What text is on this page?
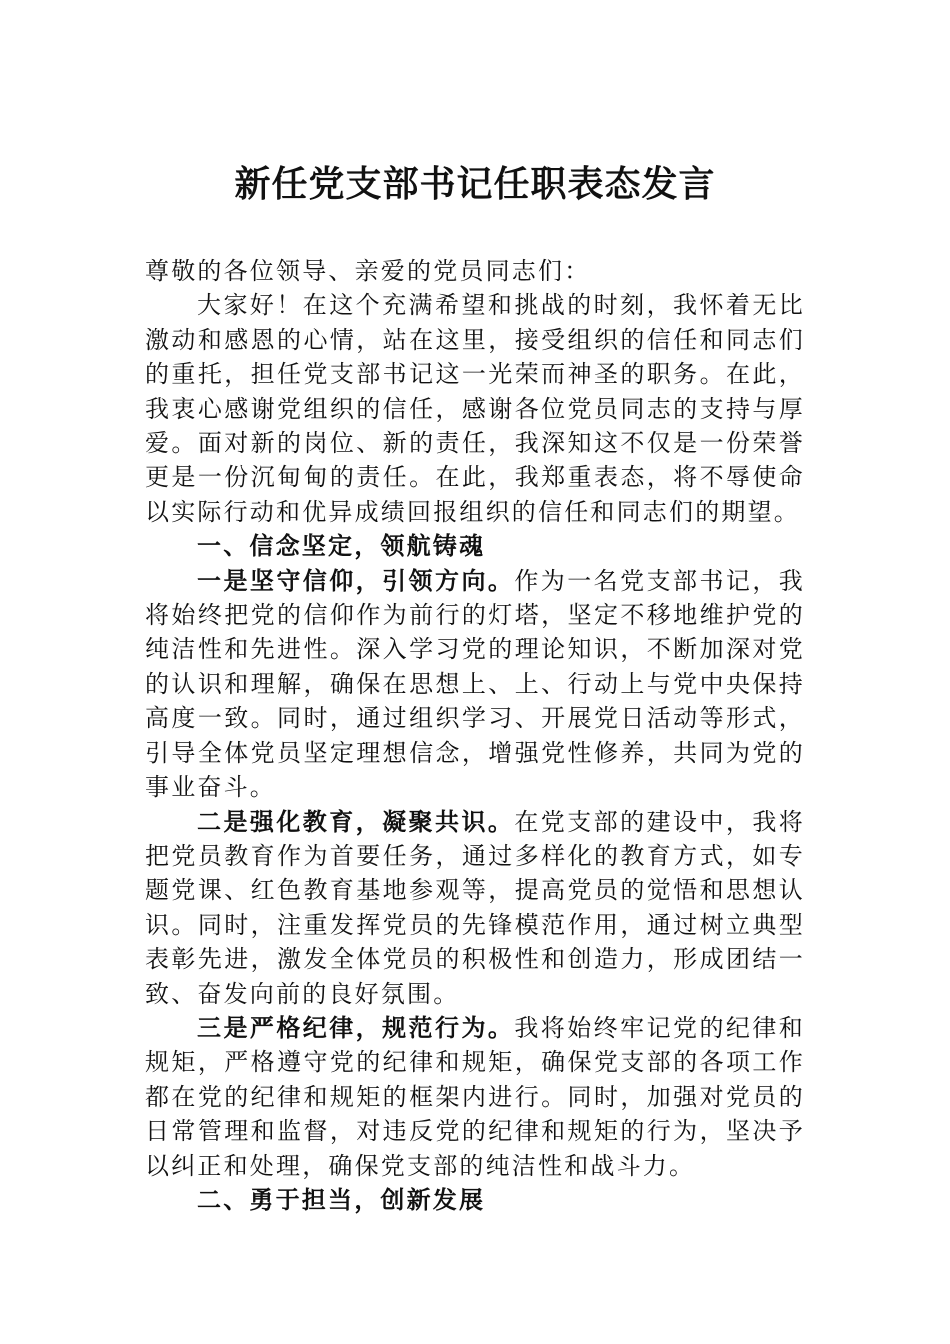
新任党支部书记任职表态发言

尊敬的各位领导、亲爱的党员同志们：

大家好！在这个充满希望和挑战的时刻，我怀着无比激动和感恩的心情，站在这里，接受组织的信任和同志们的重托，担任党支部书记这一光荣而神圣的职务。在此，我衷心感谢党组织的信任，感谢各位党员同志的支持与厚爱。面对新的岗位、新的责任，我深知这不仅是一份荣誉更是一份沉甸甸的责任。在此，我郑重表态，将不辱使命以实际行动和优异成绩回报组织的信任和同志们的期望。

一、信念坚定，领航铸魂

一是坚守信仰，引领方向。作为一名党支部书记，我将始终把党的信仰作为前行的灯塔，坚定不移地维护党的纯洁性和先进性。深入学习党的理论知识，不断加深对党的认识和理解，确保在思想上、上、行动上与党中央保持高度一致。同时，通过组织学习、开展党日活动等形式，引导全体党员坚定理想信念，增强党性修养，共同为党的事业奋斗。

二是强化教育，凝聚共识。在党支部的建设中，我将把党员教育作为首要任务，通过多样化的教育方式，如专题党课、红色教育基地参观等，提高党员的觉悟和思想认识。同时，注重发挥党员的先锋模范作用，通过树立典型表彰先进，激发全体党员的积极性和创造力，形成团结一致、奋发向前的良好氛围。

三是严格纪律，规范行为。我将始终牢记党的纪律和规矩，严格遵守党的纪律和规矩，确保党支部的各项工作都在党的纪律和规矩的框架内进行。同时，加强对党员的日常管理和监督，对违反党的纪律和规矩的行为，坚决予以纠正和处理，确保党支部的纯洁性和战斗力。

二、勇于担当，创新发展
